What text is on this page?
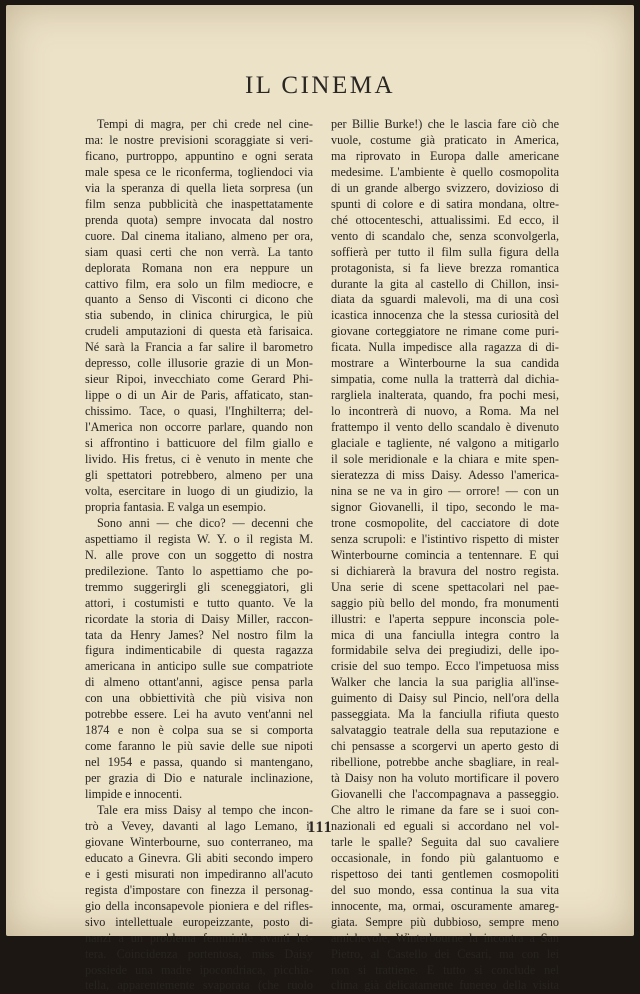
IL CINEMA
Tempi di magra, per chi crede nel cine-
ma: le nostre previsioni scoraggiate si veri-
ficano, purtroppo, appuntino e ogni serata
male spesa ce le riconferma, togliendoci via
via la speranza di quella lieta sorpresa (un
film senza pubblicità che inaspettatamente
prenda quota) sempre invocata dal nostro
cuore. Dal cinema italiano, almeno per ora,
siam quasi certi che non verrà. La tanto
deplorata Romana non era neppure un
cattivo film, era solo un film mediocre, e
quanto a Senso di Visconti ci dicono che
stia subendo, in clinica chirurgica, le più
crudeli amputazioni di questa età farisaica.
Né sarà la Francia a far salire il barometro
depresso, colle illusorie grazie di un Mon-
sieur Ripoi, invecchiato come Gerard Phi-
lippe o di un Air de Paris, affaticato, stan-
chissimo. Tace, o quasi, l'Inghilterra; del-
l'America non occorre parlare, quando non
si affrontino i batticuore del film giallo e
livido. His fretus, ci è venuto in mente che
gli spettatori potrebbero, almeno per una
volta, esercitare in luogo di un giudizio, la
propria fantasia. E valga un esempio.
Sono anni — che dico? — decenni che
aspettiamo il regista W. Y. o il regista M.
N. alle prove con un soggetto di nostra
predilezione. Tanto lo aspettiamo che po-
tremmo suggerirgli gli sceneggiatori, gli
attori, i costumisti e tutto quanto. Ve la
ricordate la storia di Daisy Miller, raccon-
tata da Henry James? Nel nostro film la
figura indimenticabile di questa ragazza
americana in anticipo sulle sue compatriote
di almeno ottant'anni, agisce pensa parla
con una obbiettività che più visiva non
potrebbe essere. Lei ha avuto vent'anni nel
1874 e non è colpa sua se si comporta
come faranno le più savie delle sue nipoti
nel 1954 e passa, quando si mantengano,
per grazia di Dio e naturale inclinazione,
limpide e innocenti.
Tale era miss Daisy al tempo che incon-
trò a Vevey, davanti al lago Lemano, il
giovane Winterbourne, suo conterraneo, ma
educato a Ginevra. Gli abiti secondo impero
e i gesti misurati non impediranno all'acuto
regista d'impostare con finezza il personag-
gio della inconsapevole pioniera e del rifles-
sivo intellettuale europeizzante, posto di-
nanzi a un problema femminile avanti let-
tera. Coincidenza portentosa, miss Daisy
possiede una madre ipocondriaca, picchia-
tella, apparentemente svaporata (che ruolo
per Billie Burke!) che le lascia fare ciò che
vuole, costume già praticato in America,
ma riprovato in Europa dalle americane
medesime. L'ambiente è quello cosmopolita
di un grande albergo svizzero, dovizioso di
spunti di colore e di satira mondana, oltre-
ché ottocenteschi, attualissimi. Ed ecco, il
vento di scandalo che, senza sconvolgerla,
soffierà per tutto il film sulla figura della
protagonista, si fa lieve brezza romantica
durante la gita al castello di Chillon, insi-
diata da sguardi malevoli, ma di una così
icastica innocenza che la stessa curiosità del
giovane corteggiatore ne rimane come puri-
ficata. Nulla impedisce alla ragazza di di-
mostrare a Winterbourne la sua candida
simpatia, come nulla la tratterrà dal dichia-
rargliela inalterata, quando, fra pochi mesi,
lo incontrerà di nuovo, a Roma. Ma nel
frattempo il vento dello scandalo è divenuto
glaciale e tagliente, né valgono a mitigarlo
il sole meridionale e la chiara e mite spen-
sieratezza di miss Daisy. Adesso l'america-
nina se ne va in giro — orrore! — con un
signor Giovanelli, il tipo, secondo le ma-
trone cosmopolite, del cacciatore di dote
senza scrupoli: e l'istintivo rispetto di mister
Winterbourne comincia a tentennare. E qui
si dichiarerà la bravura del nostro regista.
Una serie di scene spettacolari nel pae-
saggio più bello del mondo, fra monumenti
illustri: e l'aperta seppure inconscia pole-
mica di una fanciulla integra contro la
formidabile selva dei pregiudizi, delle ipo-
crisie del suo tempo. Ecco l'impetuosa miss
Walker che lancia la sua pariglia all'inse-
guimento di Daisy sul Pincio, nell'ora della
passeggiata. Ma la fanciulla rifiuta questo
salvataggio teatrale della sua reputazione e
chi pensasse a scorgervi un aperto gesto di
ribellione, potrebbe anche sbagliare, in real-
tà Daisy non ha voluto mortificare il povero
Giovanelli che l'accompagnava a passeggio.
Che altro le rimane da fare se i suoi con-
nazionali ed eguali si accordano nel vol-
tarle le spalle? Seguita dal suo cavaliere
occasionale, in fondo più galantuomo e
rispettoso dei tanti gentlemen cosmopoliti
del suo mondo, essa continua la sua vita
innocente, ma, ormai, oscuramente amareg-
giata. Sempre più dubbioso, sempre meno
amichevole, Winterbourne la incontra a San
Pietro, al Castello dei Cesari, ma con lei
non si trattiene. E tutto si conclude nel
clima già delicatamente funereo della visita
111
